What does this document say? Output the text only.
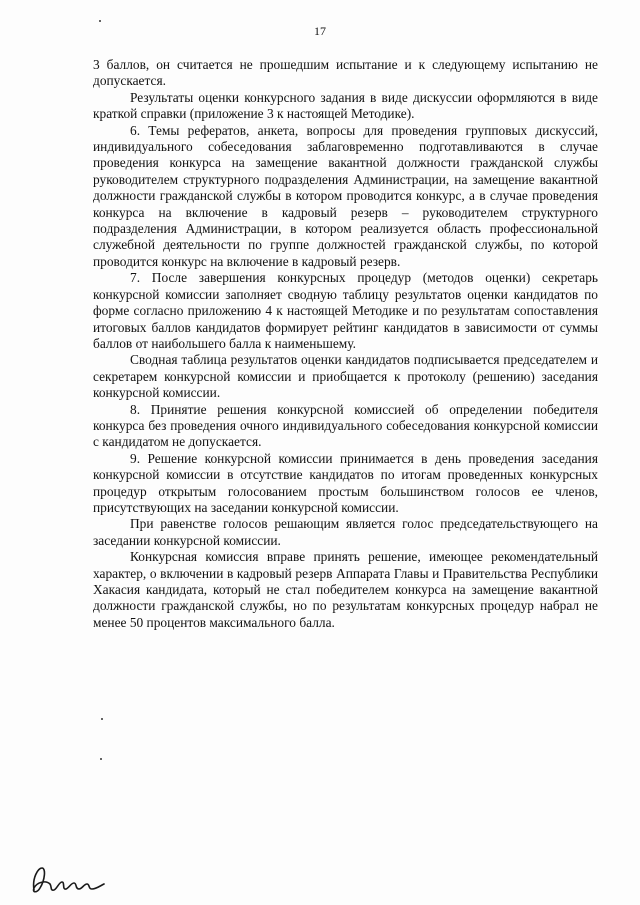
17

3 баллов, он считается не прошедшим испытание и к следующему испытанию не допускается.

Результаты оценки конкурсного задания в виде дискуссии оформляются в виде краткой справки (приложение 3 к настоящей Методике).

6. Темы рефератов, анкета, вопросы для проведения групповых дискуссий, индивидуального собеседования заблаговременно подготавливаются в случае проведения конкурса на замещение вакантной должности гражданской службы руководителем структурного подразделения Администрации, на замещение вакантной должности гражданской службы в котором проводится конкурс, а в случае проведения конкурса на включение в кадровый резерв – руководителем структурного подразделения Администрации, в котором реализуется область профессиональной служебной деятельности по группе должностей гражданской службы, по которой проводится конкурс на включение в кадровый резерв.

7. После завершения конкурсных процедур (методов оценки) секретарь конкурсной комиссии заполняет сводную таблицу результатов оценки кандидатов по форме согласно приложению 4 к настоящей Методике и по результатам сопоставления итоговых баллов кандидатов формирует рейтинг кандидатов в зависимости от суммы баллов от наибольшего балла к наименьшему.

Сводная таблица результатов оценки кандидатов подписывается председателем и секретарем конкурсной комиссии и приобщается к протоколу (решению) заседания конкурсной комиссии.

8. Принятие решения конкурсной комиссией об определении победителя конкурса без проведения очного индивидуального собеседования конкурсной комиссии с кандидатом не допускается.

9. Решение конкурсной комиссии принимается в день проведения заседания конкурсной комиссии в отсутствие кандидатов по итогам проведенных конкурсных процедур открытым голосованием простым большинством голосов ее членов, присутствующих на заседании конкурсной комиссии.

При равенстве голосов решающим является голос председательствующего на заседании конкурсной комиссии.

Конкурсная комиссия вправе принять решение, имеющее рекомендательный характер, о включении в кадровый резерв Аппарата Главы и Правительства Республики Хакасия кандидата, который не стал победителем конкурса на замещение вакантной должности гражданской службы, но по результатам конкурсных процедур набрал не менее 50 процентов максимального балла.
